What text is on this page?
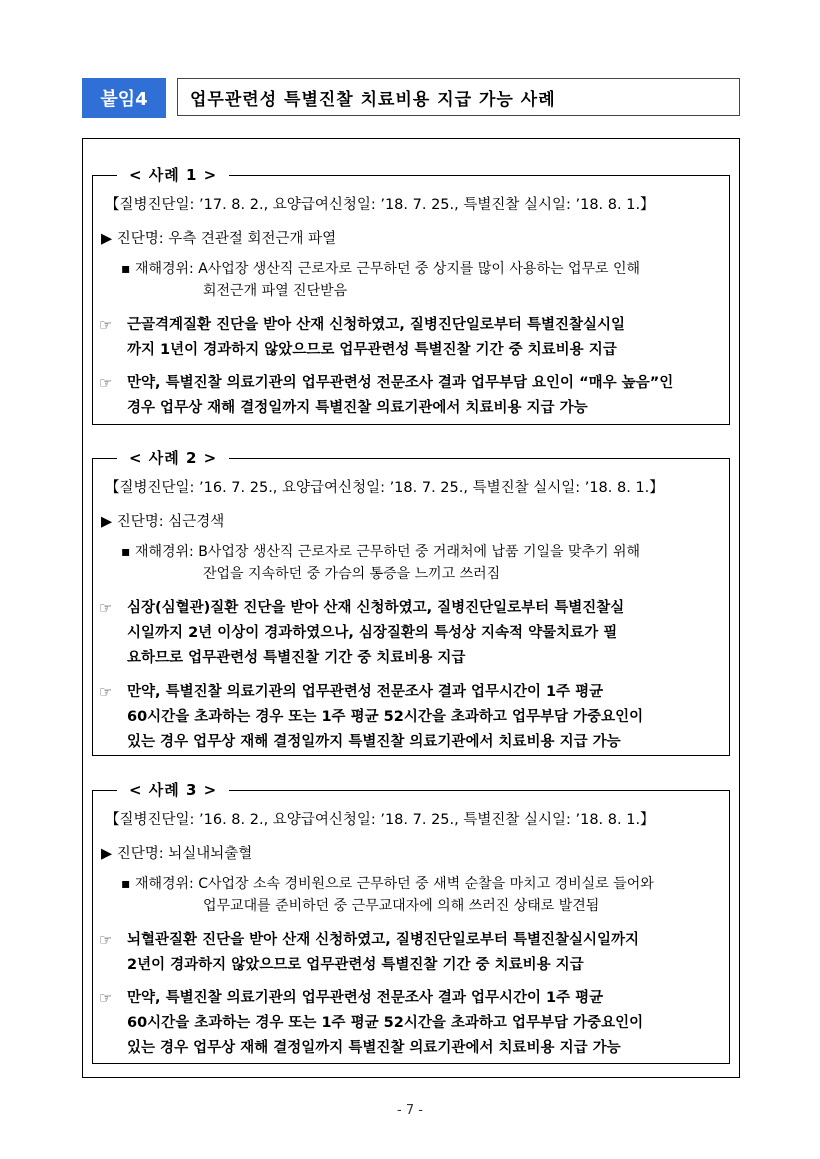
붙임4	업무관련성 특별진찰 치료비용 지급 가능 사례
< 사례 1 >
【질병진단일: ’17. 8. 2., 요양급여신청일: ’18. 7. 25., 특별진찰 실시일: ’18. 8. 1.】
▶ 진단명: 우측 견관절 회전근개 파열
▪ 재해경위: A사업장 생산직 근로자로 근무하던 중 상지를 많이 사용하는 업무로 인해
회전근개 파열 진단받음
☞ 근골격계질환 진단을 받아 산재 신청하였고, 질병진단일로부터 특별진찰실시일
까지 1년이 경과하지 않았으므로 업무관련성 특별진찰 기간 중 치료비용 지급
☞ 만약, 특별진찰 의료기관의 업무관련성 전문조사 결과 업무부담 요인이 “매우 높음”인
경우 업무상 재해 결정일까지 특별진찰 의료기관에서 치료비용 지급 가능
< 사례 2 >
【질병진단일: ’16. 7. 25., 요양급여신청일: ’18. 7. 25., 특별진찰 실시일: ’18. 8. 1.】
▶ 진단명: 심근경색
▪ 재해경위: B사업장 생산직 근로자로 근무하던 중 거래처에 납품 기일을 맞추기 위해
잔업을 지속하던 중 가슴의 통증을 느끼고 쓰러짐
☞ 심장(심혈관)질환 진단을 받아 산재 신청하였고, 질병진단일로부터 특별진찰실
시일까지 2년 이상이 경과하였으나, 심장질환의 특성상 지속적 약물치료가 필
요하므로 업무관련성 특별진찰 기간 중 치료비용 지급
☞ 만약, 특별진찰 의료기관의 업무관련성 전문조사 결과 업무시간이 1주 평균
60시간을 초과하는 경우 또는 1주 평균 52시간을 초과하고 업무부담 가중요인이
있는 경우 업무상 재해 결정일까지 특별진찰 의료기관에서 치료비용 지급 가능
< 사례 3 >
【질병진단일: ’16. 8. 2., 요양급여신청일: ’18. 7. 25., 특별진찰 실시일: ’18. 8. 1.】
▶ 진단명: 뇌실내뇌출혈
▪ 재해경위: C사업장 소속 경비원으로 근무하던 중 새벽 순찰을 마치고 경비실로 들어와
업무교대를 준비하던 중 근무교대자에 의해 쓰러진 상태로 발견됨
☞ 뇌혈관질환 진단을 받아 산재 신청하였고, 질병진단일로부터 특별진찰실시일까지
2년이 경과하지 않았으므로 업무관련성 특별진찰 기간 중 치료비용 지급
☞ 만약, 특별진찰 의료기관의 업무관련성 전문조사 결과 업무시간이 1주 평균
60시간을 초과하는 경우 또는 1주 평균 52시간을 초과하고 업무부담 가중요인이
있는 경우 업무상 재해 결정일까지 특별진찰 의료기관에서 치료비용 지급 가능
- 7 -
